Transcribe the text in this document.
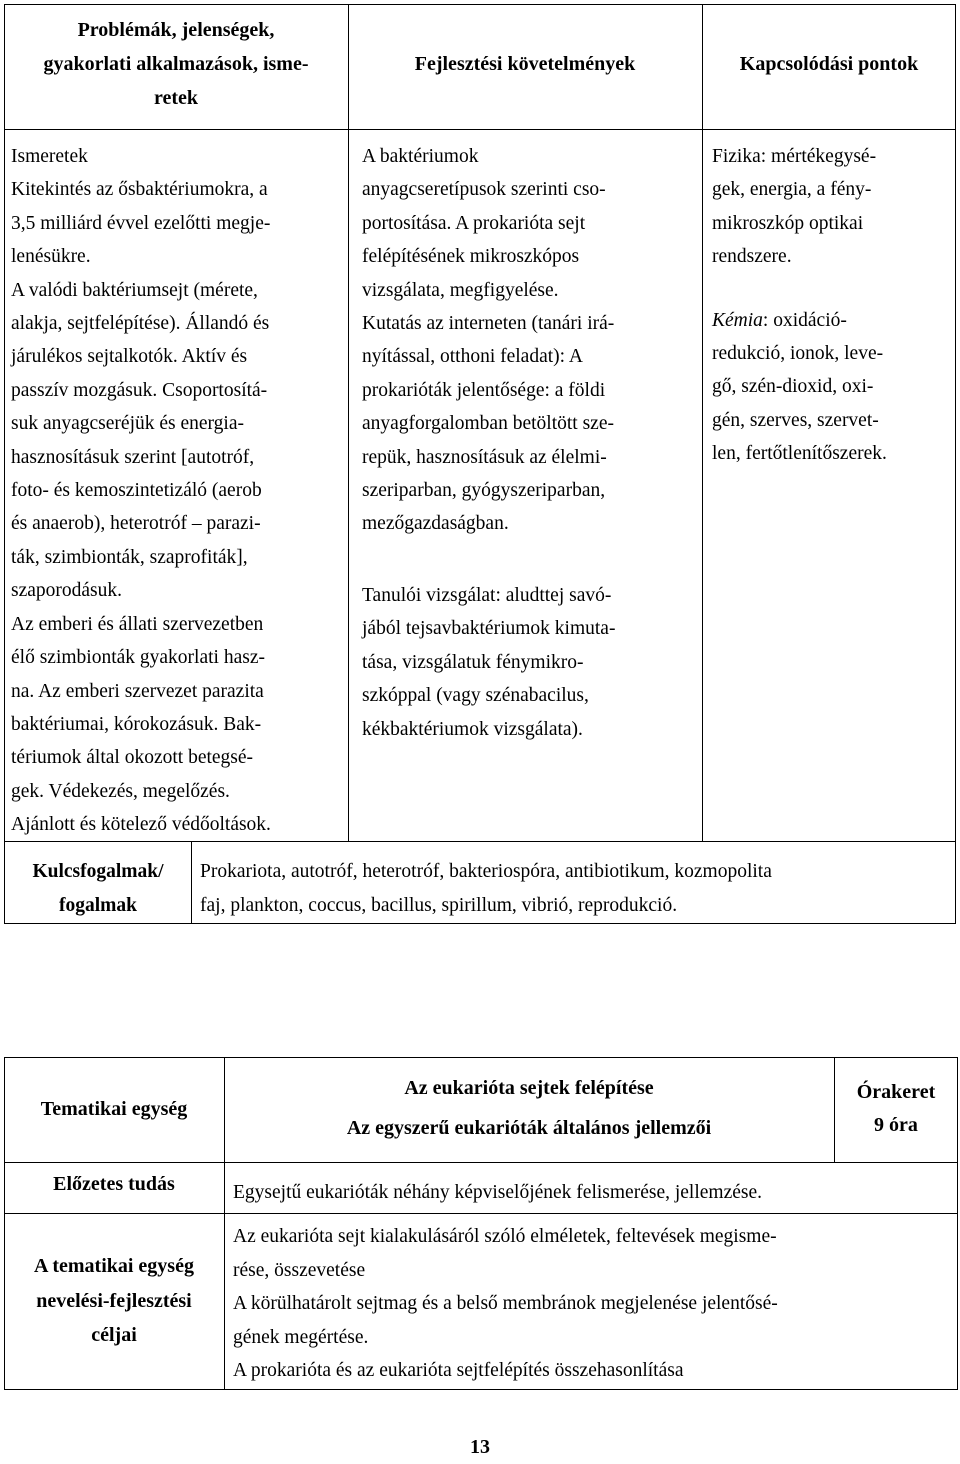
Problémák, jelenségek,
gyakorlati alkalmazások, isme-
retek
Fejlesztési követelmények	Kapcsolódási pontok
Ismeretek
Kitekintés az ősbaktériumokra, a
3,5 milliárd évvel ezelőtti megje-
lenésükre.
A valódi baktériumsejt (mérete,
alakja, sejtfelépítése). Állandó és
járulékos sejtalkotók. Aktív és
passzív mozgásuk. Csoportosítá-
suk anyagcseréjük és energia-
hasznosításuk szerint [autotróf,
foto- és kemoszintetizáló (aerob
és anaerob), heterotróf – parazi-
ták, szimbionták, szaprofiták],
szaporodásuk.
Az emberi és állati szervezetben
élő szimbionták gyakorlati hasz-
na. Az emberi szervezet parazita
baktériumai, kórokozásuk. Bak-
tériumok által okozott betegsé-
gek. Védekezés, megelőzés.
Ajánlott és kötelező védőoltások.
A baktériumok
anyagcseretípusok szerinti cso-
portosítása. A prokarióta sejt
felépítésének mikroszkópos
vizsgálata, megfigyelése.
Kutatás az interneten (tanári irá-
nyítással, otthoni feladat): A
prokarióták jelentősége: a földi
anyagforgalomban betöltött sze-
repük, hasznosításuk az élelmi-
szeriparban, gyógyszeriparban,
mezőgazdaságban.
Tanulói vizsgálat: aludttej savó-
jából tejsavbaktériumok kimuta-
tása, vizsgálatuk fénymikro-
szkóppal (vagy szénabacilus,
kékbaktériumok vizsgálata).
Fizika: mértékegysé-
gek, energia, a fény-
mikroszkóp optikai
rendszere.
Kémia: oxidáció-
redukció, ionok, leve-
gő, szén-dioxid, oxi-
gén, szerves, szervet-
len, fertőtlenítőszerek.
Kulcsfogalmak/
fogalmak
Prokariota, autotróf, heterotróf, bakteriospóra, antibiotikum, kozmopolita
faj, plankton, coccus, bacillus, spirillum, vibrió, reprodukció.
Tematikai egység
Az eukarióta sejtek felépítése
Az egyszerű eukarióták általános jellemzői
Órakeret
9 óra
Előzetes tudás	Egysejtű eukarióták néhány képviselőjének felismerése, jellemzése.
A tematikai egység
nevelési-fejlesztési
céljai
Az eukarióta sejt kialakulásáról szóló elméletek, feltevések megisme-
rése, összevetése
A körülhatárolt sejtmag és a belső membránok megjelenése jelentősé-
gének megértése.
A prokarióta és az eukarióta sejtfelépítés összehasonlítása
13
